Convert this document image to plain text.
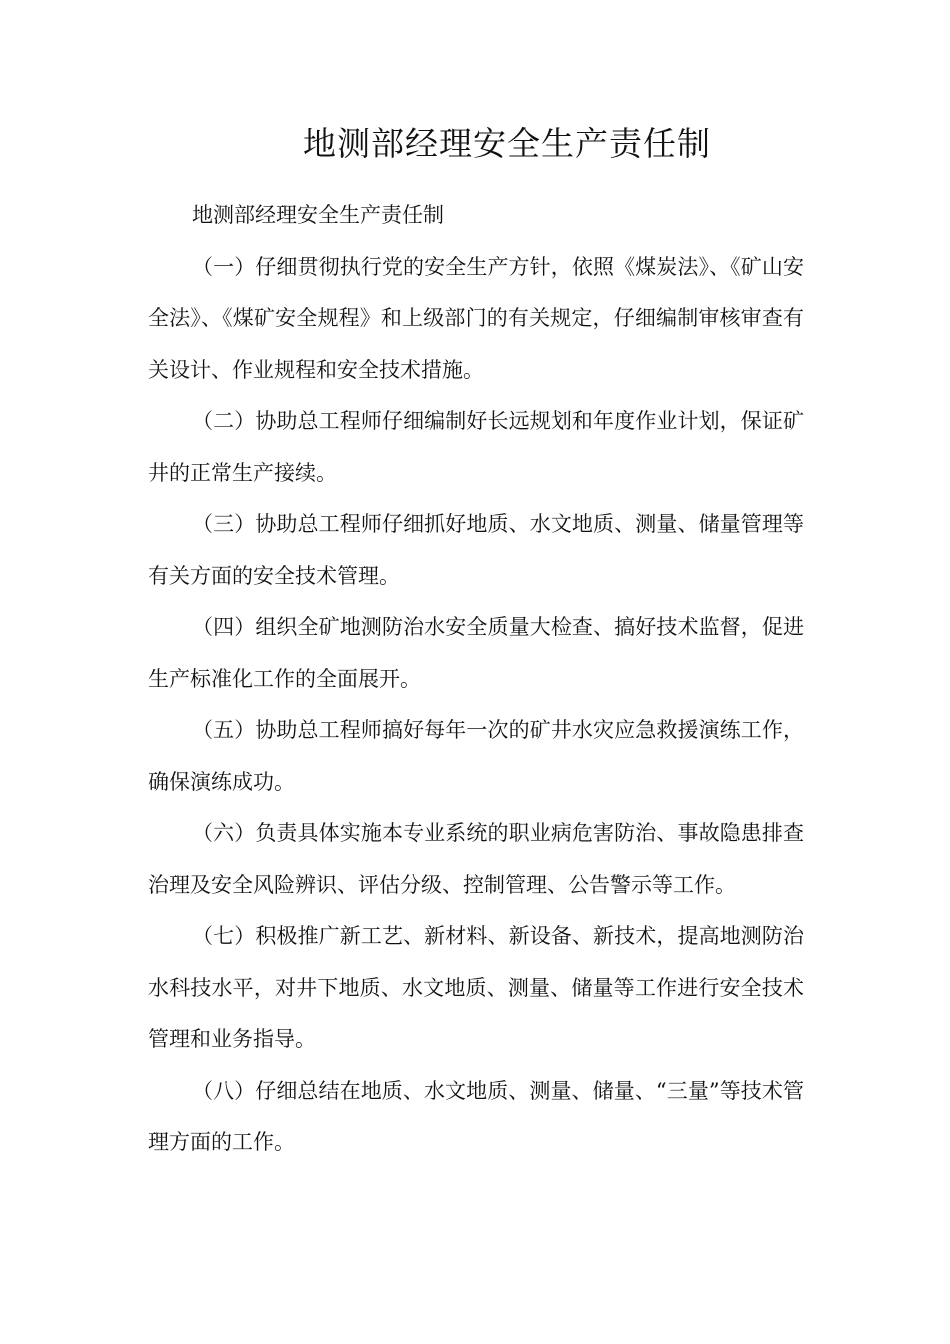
地测部经理安全生产责任制

地测部经理安全生产责任制

（一）仔细贯彻执行党的安全生产方针，依照《煤炭法》、《矿山安全法》、《煤矿安全规程》和上级部门的有关规定，仔细编制审核审查有关设计、作业规程和安全技术措施。

（二）协助总工程师仔细编制好长远规划和年度作业计划，保证矿井的正常生产接续。

（三）协助总工程师仔细抓好地质、水文地质、测量、储量管理等有关方面的安全技术管理。

（四）组织全矿地测防治水安全质量大检查、搞好技术监督，促进生产标准化工作的全面展开。

（五）协助总工程师搞好每年一次的矿井水灾应急救援演练工作，确保演练成功。

（六）负责具体实施本专业系统的职业病危害防治、事故隐患排查治理及安全风险辨识、评估分级、控制管理、公告警示等工作。

（七）积极推广新工艺、新材料、新设备、新技术，提高地测防治水科技水平，对井下地质、水文地质、测量、储量等工作进行安全技术管理和业务指导。

（八）仔细总结在地质、水文地质、测量、储量、“三量”等技术管理方面的工作。
